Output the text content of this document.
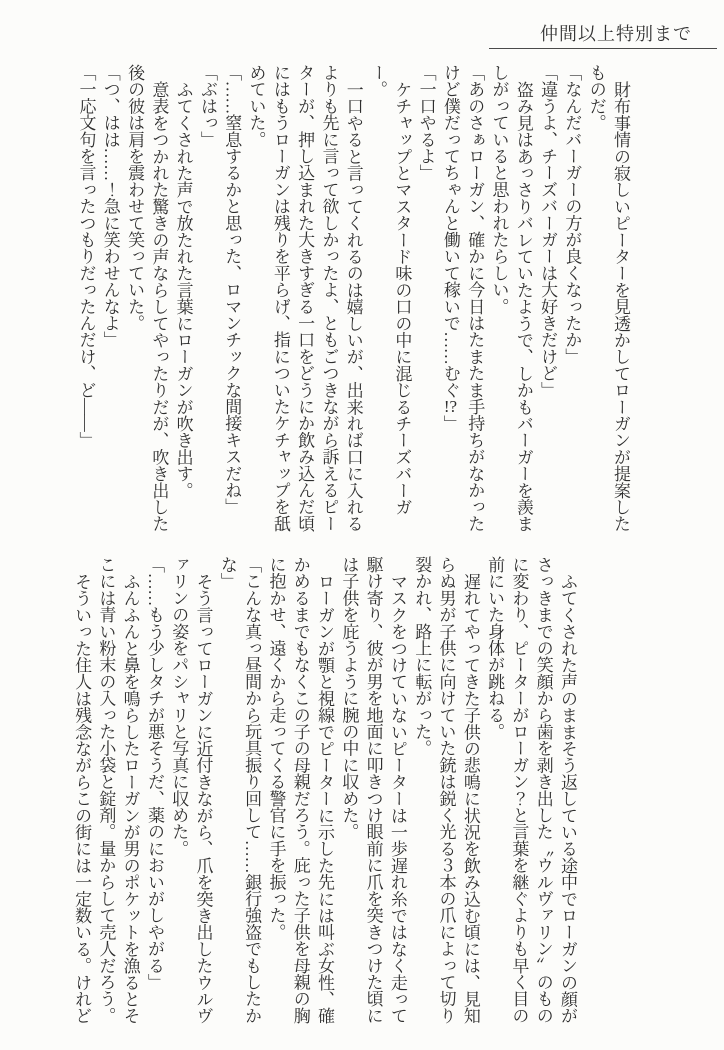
仲間以上特別まで

財布事情の寂しいピーターを見透かしてローガンが提案したものだ。

「なんだバーガーの方が良くなったか」

「違うよ、チーズバーガーは大好きだけど」

盗み見はあっさりバレていたようで、しかもバーガーを羨ましがっていると思われたらしい。

「あのさぁローガン、確かに今日はたまたま手持ちがなかったけど僕だってちゃんと働いて稼いで……むぐ!?」

「一口やるよ」

ケチャップとマスタード味の口の中に混じるチーズバーガー。

一口やると言ってくれるのは嬉しいが、出来れば口に入れるよりも先に言って欲しかったよ、ともごつきながら訴えるピーターが、押し込まれた大きすぎる一口をどうにか飲み込んだ頃にはもうローガンは残りを平らげ、指についたケチャップを舐めていた。

「……窒息するかと思った、ロマンチックな間接キスだね」

「ぶはっ」

ふてくされた声で放たれた言葉にローガンが吹き出す。

意表をつかれた驚きの声ならしてやったりだが、吹き出した後の彼は肩を震わせて笑っていた。

「つ、はは……！急に笑わせんなよ」

「一応文句を言ったつもりだったんだけ、ど——」

ふてくされた声のままそう返している途中でローガンの顔がさっきまでの笑顔から歯を剥き出した〝ウルヴァリン〟のものに変わり、ピーターがローガン？と言葉を継ぐよりも早く目の前にいた身体が跳ねる。

遅れてやってきた子供の悲鳴に状況を飲み込む頃には、見知らぬ男が子供に向けていた銃は鋭く光る３本の爪によって切り裂かれ、路上に転がった。

マスクをつけていないピーターは一歩遅れ糸ではなく走って駆け寄り、彼が男を地面に叩きつけ眼前に爪を突きつけた頃には子供を庇うように腕の中に収めた。

ローガンが顎と視線でピーターに示した先には叫ぶ女性、確かめるまでもなくこの子の母親だろう。庇った子供を母親の胸に抱かせ、遠くから走ってくる警官に手を振った。

「こんな真っ昼間から玩具振り回して……銀行強盗でもしたかな」

そう言ってローガンに近付きながら、爪を突き出したウルヴァリンの姿をパシャリと写真に収めた。

「……もう少しタチが悪そうだ、薬のにおいがしやがる」

ふんふんと鼻を鳴らしたローガンが男のポケットを漁るとそこには青い粉末の入った小袋と錠剤。量からして売人だろう。

そういった住人は残念ながらこの街には一定数いる。けれど
